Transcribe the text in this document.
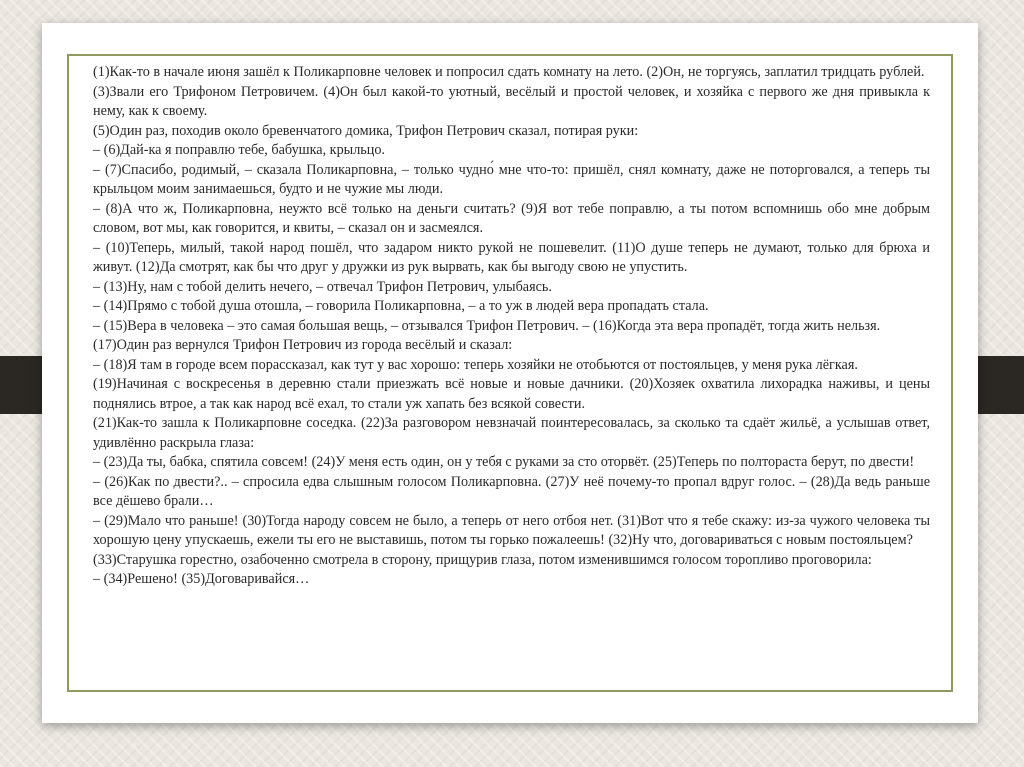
(1)Как-то в начале июня зашёл к Поликарповне человек и попросил сдать комнату на лето. (2)Он, не торгуясь, заплатил тридцать рублей.

(3)Звали его Трифоном Петровичем. (4)Он был какой-то уютный, весёлый и простой человек, и хозяйка с первого же дня привыкла к нему, как к своему.

(5)Один раз, походив около бревенчатого домика, Трифон Петрович сказал, потирая руки:

– (6)Дай-ка я поправлю тебе, бабушка, крыльцо.

– (7)Спасибо, родимый, – сказала Поликарповна, – только чудно́ мне что-то: пришёл, снял комнату, даже не поторговался, а теперь ты крыльцом моим занимаешься, будто и не чужие мы люди.

– (8)А что ж, Поликарповна, неужто всё только на деньги считать? (9)Я вот тебе поправлю, а ты потом вспомнишь обо мне добрым словом, вот мы, как говорится, и квиты, – сказал он и засмеялся.

– (10)Теперь, милый, такой народ пошёл, что задаром никто рукой не пошевелит. (11)О душе теперь не думают, только для брюха и живут. (12)Да смотрят, как бы что друг у дружки из рук вырвать, как бы выгоду свою не упустить.

– (13)Ну, нам с тобой делить нечего, – отвечал Трифон Петрович, улыбаясь.

– (14)Прямо с тобой душа отошла, – говорила Поликарповна, – а то уж в людей вера пропадать стала.

– (15)Вера в человека – это самая большая вещь, – отзывался Трифон Петрович. – (16)Когда эта вера пропадёт, тогда жить нельзя.

(17)Один раз вернулся Трифон Петрович из города весёлый и сказал:

– (18)Я там в городе всем порассказал, как тут у вас хорошо: теперь хозяйки не отобьются от постояльцев, у меня рука лёгкая.

(19)Начиная с воскресенья в деревню стали приезжать всё новые и новые дачники. (20)Хозяек охватила лихорадка наживы, и цены поднялись втрое, а так как народ всё ехал, то стали уж хапать без всякой совести.

(21)Как-то зашла к Поликарповне соседка. (22)За разговором невзначай поинтересовалась, за сколько та сдаёт жильё, а услышав ответ, удивлённо раскрыла глаза:

– (23)Да ты, бабка, спятила совсем! (24)У меня есть один, он у тебя с руками за сто оторвёт. (25)Теперь по полтораста берут, по двести!

– (26)Как по двести?.. – спросила едва слышным голосом Поликарповна. (27)У неё почему-то пропал вдруг голос. – (28)Да ведь раньше все дёшево брали…

– (29)Мало что раньше! (30)Тогда народу совсем не было, а теперь от него отбоя нет. (31)Вот что я тебе скажу: из-за чужого человека ты хорошую цену упускаешь, ежели ты его не выставишь, потом ты горько пожалеешь! (32)Ну что, договариваться с новым постояльцем?

(33)Старушка горестно, озабоченно смотрела в сторону, прищурив глаза, потом изменившимся голосом торопливо проговорила:

– (34)Решено! (35)Договаривайся…
